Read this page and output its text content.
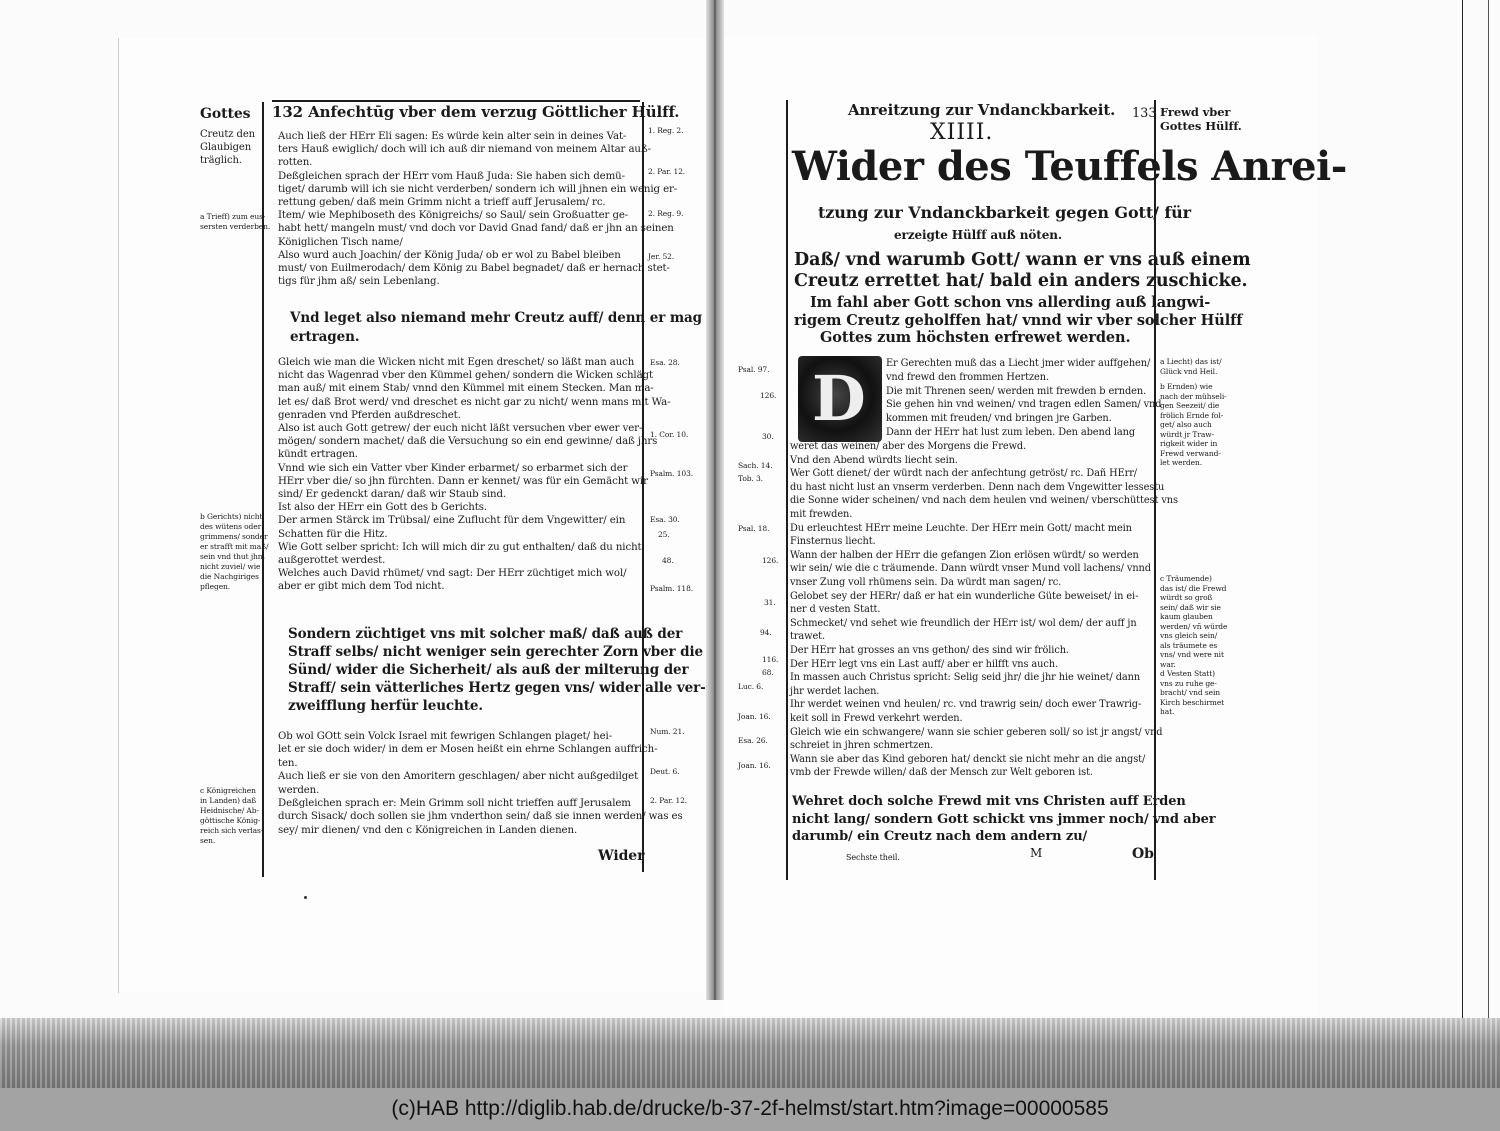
Gottes 132 Anfechtūg vber dem verzug Göttlicher Hülff.
Creutz den
Glaubigen
träglich.
a Trieff) zum eus-
sersten verderben.
b Gerichts) nicht
des wütens oder
grimmens/ sonder
er strafft mit maß/
sein vnd thut jhm
nicht zuviel/ wie
die Nachgiriges
pflegen.
c Königreichen
in Landen) daß
Heidnische/ Ab-
göttische König-
reich sich verlas-
sen.
1. Reg. 2.
2. Par. 12.
2. Reg. 9.
Jer. 52.
Esa. 28.
1. Cor. 10.
Psalm. 103.
Esa. 30.
25.
48.
Psalm. 118.
Num. 21.
Deut. 6.
2. Par. 12.
Auch ließ der HErr Eli sagen: Es würde kein alter sein in deines Vat-
ters Hauß ewiglich/ doch will ich auß dir niemand von meinem Altar auß-
rotten.
Deßgleichen sprach der HErr vom Hauß Juda: Sie haben sich demü-
tiget/ darumb will ich sie nicht verderben/ sondern ich will jhnen ein wenig er-
rettung geben/ daß mein Grimm nicht a trieff auff Jerusalem/ rc.
Item/ wie Mephiboseth des Königreichs/ so Saul/ sein Großuatter ge-
habt hett/ mangeln must/ vnd doch vor David Gnad fand/ daß er jhn an seinen
Königlichen Tisch name/
Also wurd auch Joachin/ der König Juda/ ob er wol zu Babel bleiben
must/ von Euilmerodach/ dem König zu Babel begnadet/ daß er hernach stet-
tigs für jhm aß/ sein Lebenlang.
Vnd leget also niemand mehr Creutz auff/ denn er mag
ertragen.
Gleich wie man die Wicken nicht mit Egen dreschet/ so läßt man auch
nicht das Wagenrad vber den Kümmel gehen/ sondern die Wicken schlägt
man auß/ mit einem Stab/ vnnd den Kümmel mit einem Stecken. Man ma-
let es/ daß Brot werd/ vnd dreschet es nicht gar zu nicht/ wenn mans mit Wa-
genraden vnd Pferden außdreschet.
Also ist auch Gott getrew/ der euch nicht läßt versuchen vber ewer ver-
mögen/ sondern machet/ daß die Versuchung so ein end gewinne/ daß jhrs
kündt ertragen.
Vnnd wie sich ein Vatter vber Kinder erbarmet/ so erbarmet sich der
HErr vber die/ so jhn fürchten. Dann er kennet/ was für ein Gemächt wir
sind/ Er gedenckt daran/ daß wir Staub sind.
Ist also der HErr ein Gott des b Gerichts.
Der armen Stärck im Trübsal/ eine Zuflucht für dem Vngewitter/ ein
Schatten für die Hitz.
Wie Gott selber spricht: Ich will mich dir zu gut enthalten/ daß du nicht
außgerottet werdest.
Welches auch David rhümet/ vnd sagt: Der HErr züchtiget mich wol/
aber er gibt mich dem Tod nicht.
Sondern züchtiget vns mit solcher maß/ daß auß der
Straff selbs/ nicht weniger sein gerechter Zorn vber die
Sünd/ wider die Sicherheit/ als auß der milterung der
Straff/ sein vätterliches Hertz gegen vns/ wider alle ver-
zweifflung herfür leuchte.
Ob wol GOtt sein Volck Israel mit fewrigen Schlangen plaget/ hei-
let er sie doch wider/ in dem er Mosen heißt ein ehrne Schlangen auffrich-
ten.
Auch ließ er sie von den Amoritern geschlagen/ aber nicht außgedilget
werden.
Deßgleichen sprach er: Mein Grimm soll nicht trieffen auff Jerusalem
durch Sisack/ doch sollen sie jhm vnderthon sein/ daß sie innen werden/ was es
sey/ mir dienen/ vnd den c Königreichen in Landen dienen.
Wider
Anreitzung zur Vndanckbarkeit. 133 Frewd vber
Gottes Hülff.
XIIII.
Wider des Teuffels Anrei-
tzung zur Vndanckbarkeit gegen Gott/ für
erzeigte Hülff auß nöten.
Daß/ vnd warumb Gott/ wann er vns auß einem
Creutz errettet hat/ bald ein anders zuschicke.
Im fahl aber Gott schon vns allerding auß langwi-
rigem Creutz geholffen hat/ vnnd wir vber solcher Hülff
Gottes zum höchsten erfrewet werden.
D
Psal. 97.
126.
30.
Sach. 14.
Tob. 3.
Psal. 18.
126.
31.
94.
116.
68.
Luc. 6.
Joan. 16.
Esa. 26.
Joan. 16.
a Liecht) das ist/
Glück vnd Heil.
b Ernden) wie
nach der mühseli-
gen Seezeit/ die
frölich Ernde fol-
get/ also auch
würdt jr Traw-
rigkeit wider in
Frewd verwand-
let werden.
c Träumende)
das ist/ die Frewd
würdt so groß
sein/ daß wir sie
kaum glauben
werden/ vñ würde
vns gleich sein/
als träumete es
vns/ vnd were nit
war.
d Vesten Statt)
vns zu ruhe ge-
bracht/ vnd sein
Kirch beschirmet
hat.
Er Gerechten muß das a Liecht jmer wider auffgehen/
vnd frewd den frommen Hertzen.
Die mit Threnen seen/ werden mit frewden b ernden.
Sie gehen hin vnd weinen/ vnd tragen edlen Samen/ vnd
kommen mit freuden/ vnd bringen jre Garben.
Dann der HErr hat lust zum leben. Den abend lang
weret das weinen/ aber des Morgens die Frewd.
Vnd den Abend würdts liecht sein.
Wer Gott dienet/ der würdt nach der anfechtung getröst/ rc. Dañ HErr/
du hast nicht lust an vnserm verderben. Denn nach dem Vngewitter lessestu
die Sonne wider scheinen/ vnd nach dem heulen vnd weinen/ vberschüttest vns
mit frewden.
Du erleuchtest HErr meine Leuchte. Der HErr mein Gott/ macht mein
Finsternus liecht.
Wann der halben der HErr die gefangen Zion erlösen würdt/ so werden
wir sein/ wie die c träumende. Dann würdt vnser Mund voll lachens/ vnnd
vnser Zung voll rhümens sein. Da würdt man sagen/ rc.
Gelobet sey der HERr/ daß er hat ein wunderliche Güte beweiset/ in ei-
ner d vesten Statt.
Schmecket/ vnd sehet wie freundlich der HErr ist/ wol dem/ der auff jn
trawet.
Der HErr hat grosses an vns gethon/ des sind wir frölich.
Der HErr legt vns ein Last auff/ aber er hilfft vns auch.
In massen auch Christus spricht: Selig seid jhr/ die jhr hie weinet/ dann
jhr werdet lachen.
Ihr werdet weinen vnd heulen/ rc. vnd trawrig sein/ doch ewer Trawrig-
keit soll in Frewd verkehrt werden.
Gleich wie ein schwangere/ wann sie schier geberen soll/ so ist jr angst/ vnd
schreiet in jhren schmertzen.
Wann sie aber das Kind geboren hat/ denckt sie nicht mehr an die angst/
vmb der Frewde willen/ daß der Mensch zur Welt geboren ist.
Wehret doch solche Frewd mit vns Christen auff Erden
nicht lang/ sondern Gott schickt vns jmmer noch/ vnd aber
darumb/ ein Creutz nach dem andern zu/
Sechste theil.	M	Ob
(c)HAB http://diglib.hab.de/drucke/b-37-2f-helmst/start.htm?image=00000585
